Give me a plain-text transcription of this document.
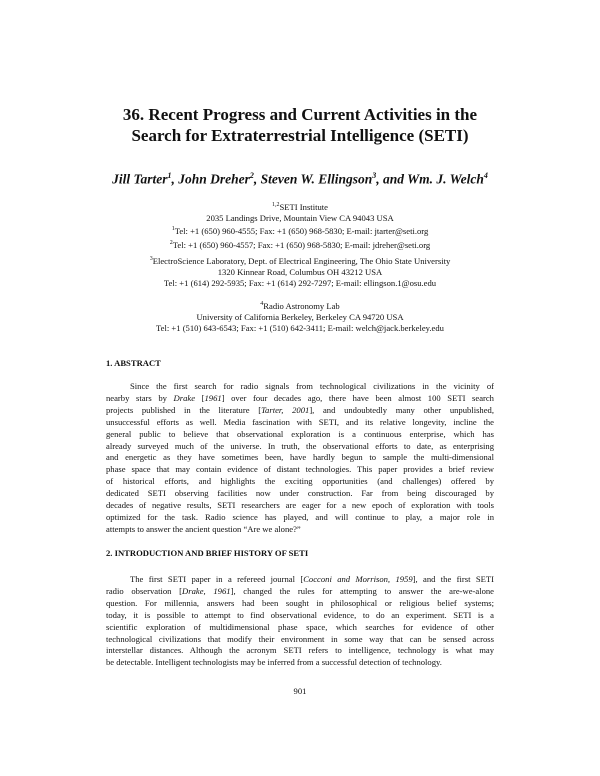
36. Recent Progress and Current Activities in the
Search for Extraterrestrial Intelligence (SETI)
Jill Tarter$^1$, John Dreher$^2$, Steven W. Ellingson$^3$, and Wm. J. Welch$^4$
$^{1,2}$SETI Institute
2035 Landings Drive, Mountain View CA 94043 USA
$^1$Tel: +1 (650) 960-4555; Fax: +1 (650) 968-5830; E-mail: jtarter@seti.org
$^2$Tel: +1 (650) 960-4557; Fax: +1 (650) 968-5830; E-mail: jdreher@seti.org
$^3$ElectroScience Laboratory, Dept. of Electrical Engineering, The Ohio State University
1320 Kinnear Road, Columbus OH 43212 USA
Tel: +1 (614) 292-5935; Fax: +1 (614) 292-7297; E-mail: ellingson.1@osu.edu
$^4$Radio Astronomy Lab
University of California Berkeley, Berkeley CA 94720 USA
Tel: +1 (510) 643-6543; Fax: +1 (510) 642-3411; E-mail: welch@jack.berkeley.edu
1. ABSTRACT
Since the first search for radio signals from technological civilizations in the vicinity of
nearby stars by Drake [1961] over four decades ago, there have been almost 100 SETI search
projects published in the literature [Tarter, 2001], and undoubtedly many other unpublished,
unsuccessful efforts as well. Media fascination with SETI, and its relative longevity, incline the
general public to believe that observational exploration is a continuous enterprise, which has
already surveyed much of the universe. In truth, the observational efforts to date, as enterprising
and energetic as they have sometimes been, have hardly begun to sample the multi-dimensional
phase space that may contain evidence of distant technologies. This paper provides a brief review
of historical efforts, and highlights the exciting opportunities (and challenges) offered by
dedicated SETI observing facilities now under construction. Far from being discouraged by
decades of negative results, SETI researchers are eager for a new epoch of exploration with tools
optimized for the task. Radio science has played, and will continue to play, a major role in
attempts to answer the ancient question “Are we alone?”
2. INTRODUCTION AND BRIEF HISTORY OF SETI
The first SETI paper in a refereed journal [Cocconi and Morrison, 1959], and the first SETI
radio observation [Drake, 1961], changed the rules for attempting to answer the are-we-alone
question. For millennia, answers had been sought in philosophical or religious belief systems;
today, it is possible to attempt to find observational evidence, to do an experiment. SETI is a
scientific exploration of multidimensional phase space, which searches for evidence of other
technological civilizations that modify their environment in some way that can be sensed across
interstellar distances. Although the acronym SETI refers to intelligence, technology is what may
be detectable. Intelligent technologists may be inferred from a successful detection of technology.
901
